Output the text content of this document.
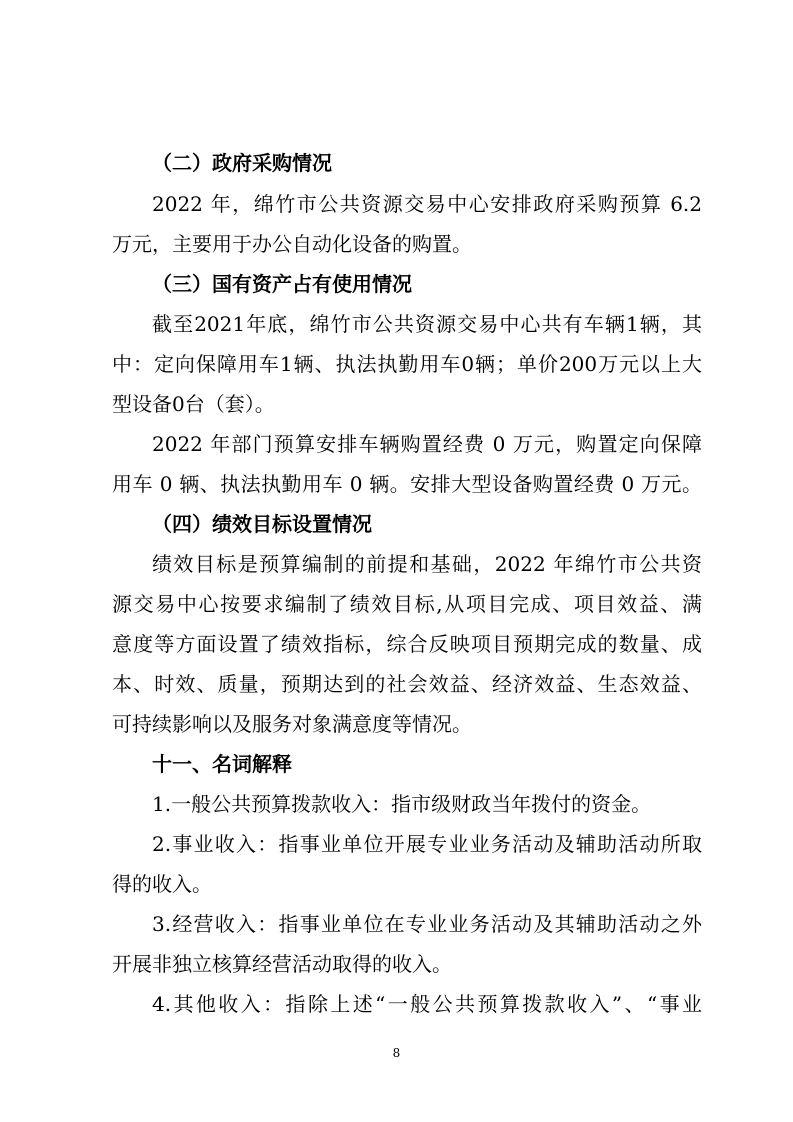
（二）政府采购情况
2022 年，绵竹市公共资源交易中心安排政府采购预算 6.2
万元，主要用于办公自动化设备的购置。
（三）国有资产占有使用情况
截至2021年底，绵竹市公共资源交易中心共有车辆1辆，其
中：定向保障用车1辆、执法执勤用车0辆；单价200万元以上大
型设备0台（套）。
2022 年部门预算安排车辆购置经费 0 万元，购置定向保障
用车 0 辆、执法执勤用车 0 辆。安排大型设备购置经费 0 万元。
（四）绩效目标设置情况
绩效目标是预算编制的前提和基础，2022 年绵竹市公共资
源交易中心按要求编制了绩效目标,从项目完成、项目效益、满
意度等方面设置了绩效指标，综合反映项目预期完成的数量、成
本、时效、质量，预期达到的社会效益、经济效益、生态效益、
可持续影响以及服务对象满意度等情况。
十一、名词解释
1.一般公共预算拨款收入：指市级财政当年拨付的资金。
2.事业收入：指事业单位开展专业业务活动及辅助活动所取
得的收入。
3.经营收入：指事业单位在专业业务活动及其辅助活动之外
开展非独立核算经营活动取得的收入。
4.其他收入：指除上述“一般公共预算拨款收入”、“事业
8
